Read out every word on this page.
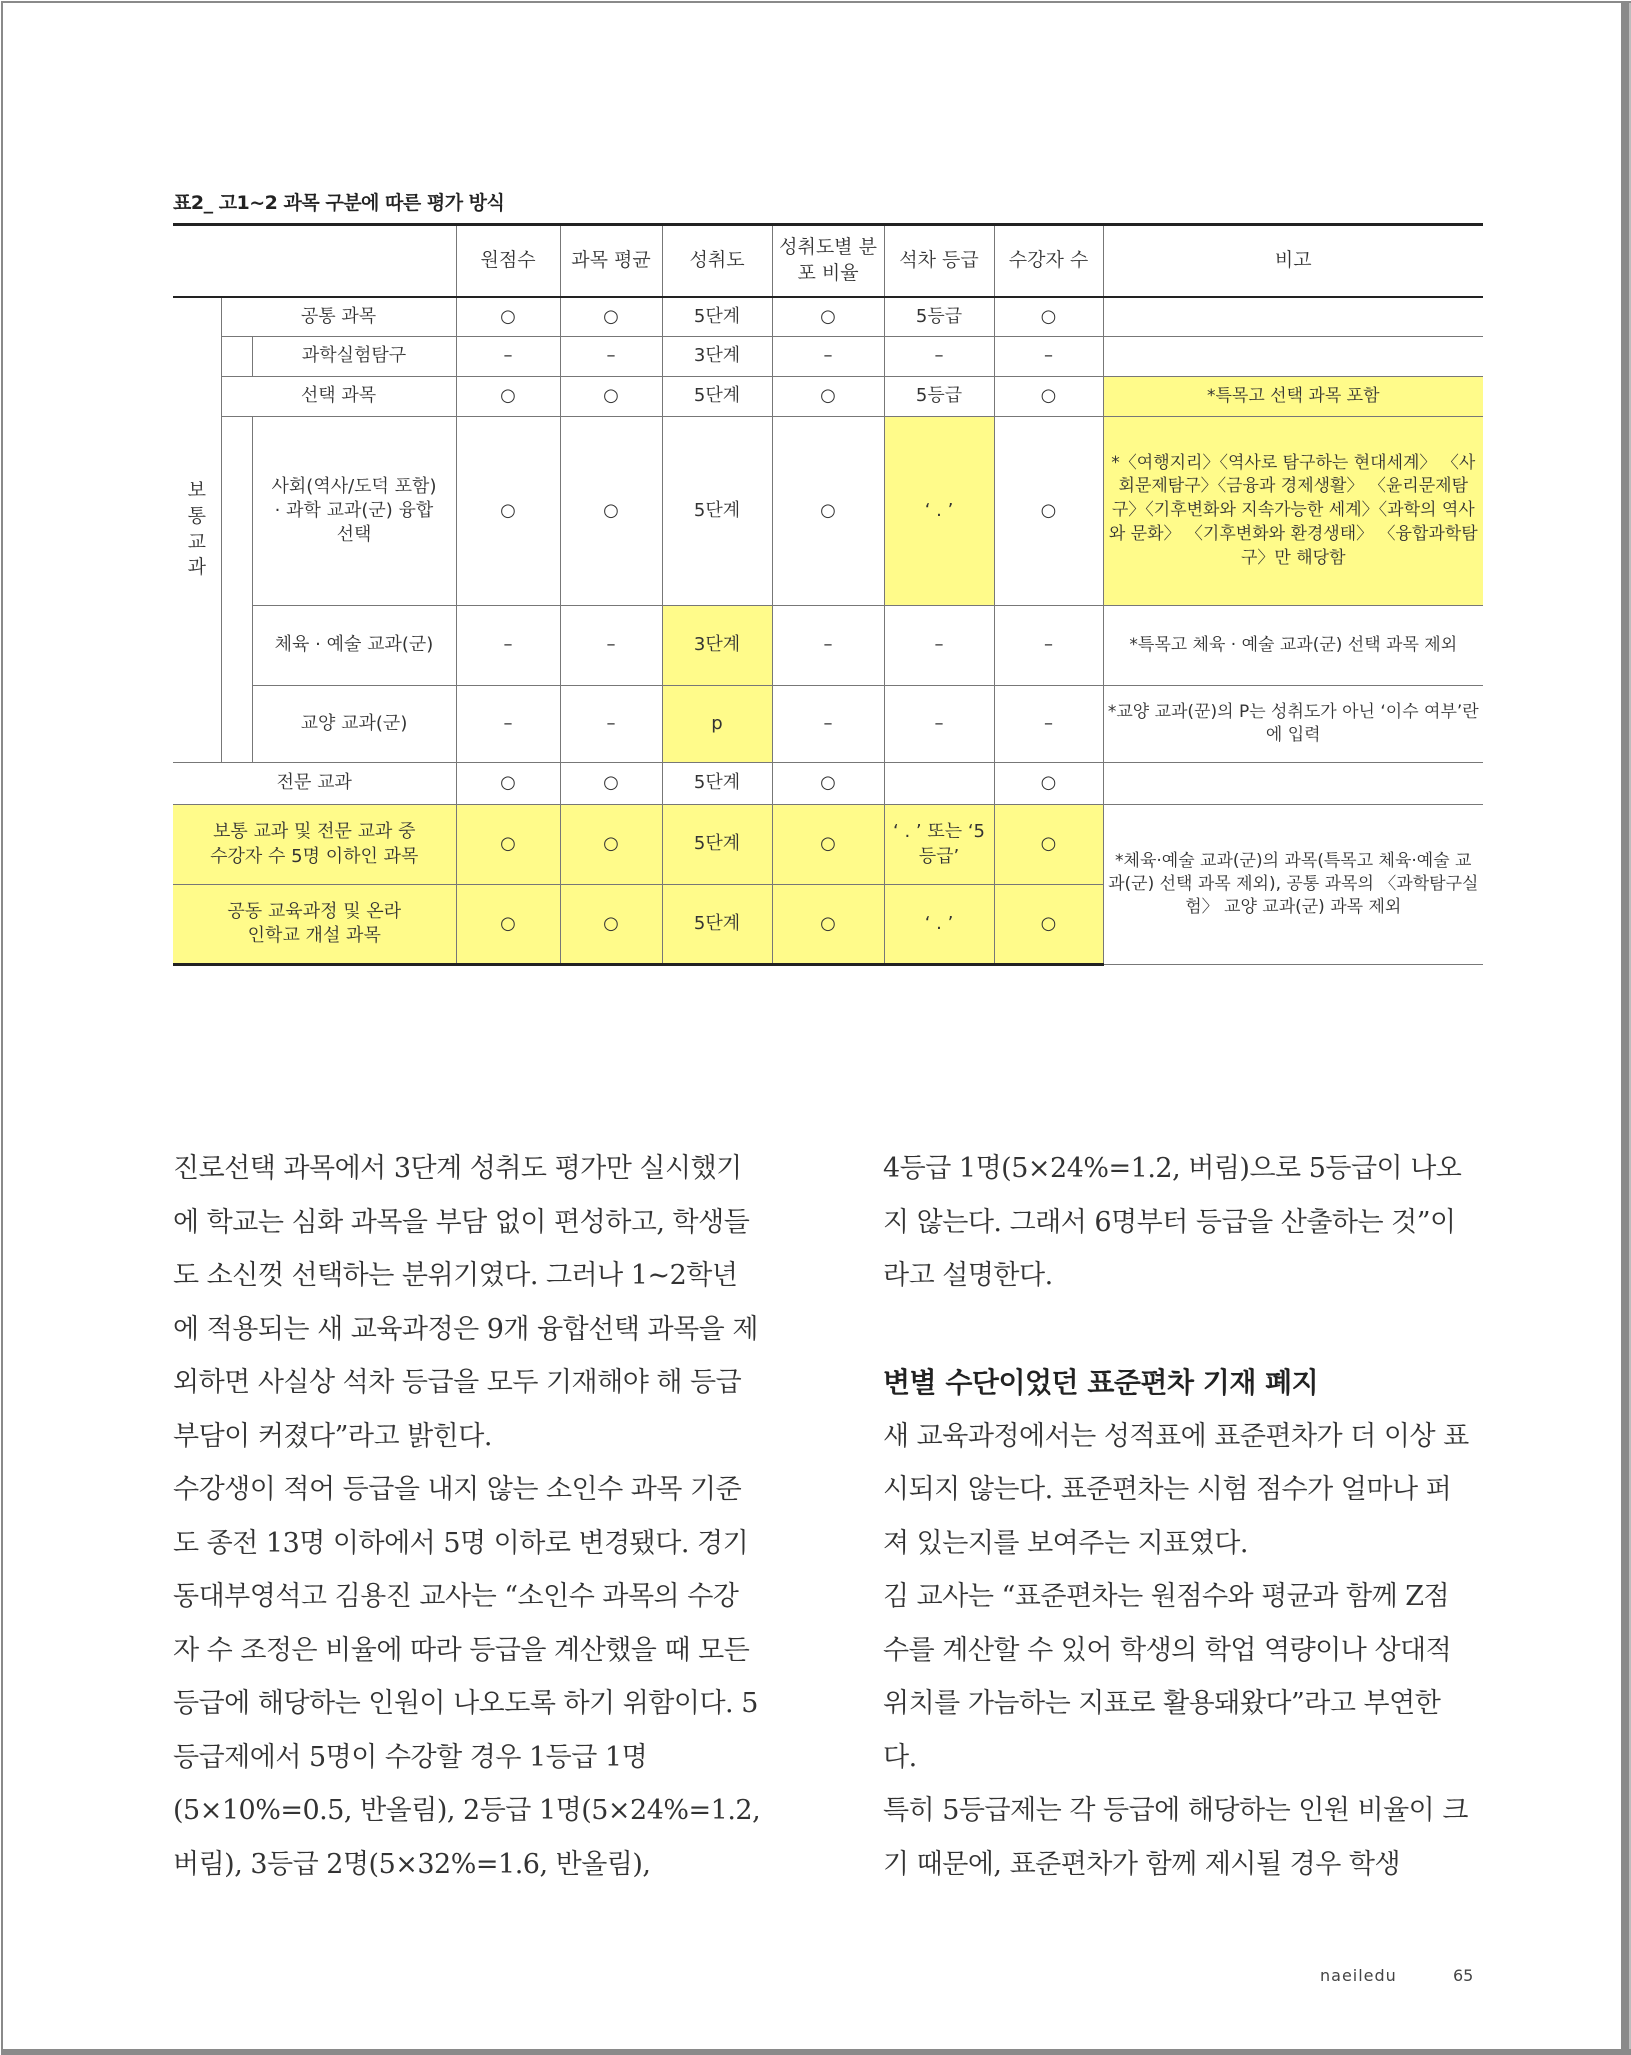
표2_ 고1~2 과목 구분에 따른 평가 방식
			원점수	과목 평균	성취도	성취도별 분포 비율	석차 등급	수강자 수	비고

보 통 교 과	공통 과목		○	○	5단계	○	5등급	○	
		과학실험탐구	–	–	3단계	–	–	–	
	선택 과목		○	○	5단계	○	5등급	○	*특목고 선택 과목 포함
		사회(역사/도덕 포함) · 과학 교과(군) 융합선택	○	○	5단계	○	‘ . ’	○	*〈여행지리〉〈역사로 탐구하는 현대세계〉 〈사회문제탐구〉〈금융과 경제생활〉 〈윤리문제탐구〉〈기후변화와 지속가능한 세계〉〈과학의 역사와 문화〉 〈기후변화와 환경생태〉 〈융합과학탐구〉만 해당함
		체육 · 예술 교과(군)	–	–	3단계	–	–	–	*특목고 체육 · 예술 교과(군) 선택 과목 제외
		교양 교과(군)	–	–	p	–	–	–	*교양 교과(꾼)의 P는 성취도가 아닌 ‘이수 여부’란에 입력
전문 교과			○	○	5단계	○		○	
보통 교과 및 전문 교과 중 수강자 수 5명 이하인 과목			○	○	5단계	○	‘ . ’ 또는 ‘5등급’	○	*체육·예술 교과(군)의 과목(특목고 체육·예술 교과(군) 선택 과목 제외), 공통 과목의 〈과학탐구실험〉 교양 교과(군) 과목 제외
공동 교육과정 및 온라인학교 개설 과목			○	○	5단계	○	‘ . ’	○	

진로선택 과목에서 3단계 성취도 평가만 실시했기에 학교는 심화 과목을 부담 없이 편성하고, 학생들도 소신껏 선택하는 분위기였다. 그러나 1~2학년에 적용되는 새 교육과정은 9개 융합선택 과목을 제외하면 사실상 석차 등급을 모두 기재해야 해 등급 부담이 커졌다”라고 밝힌다.

수강생이 적어 등급을 내지 않는 소인수 과목 기준도 종전 13명 이하에서 5명 이하로 변경됐다. 경기 동대부영석고 김용진 교사는 “소인수 과목의 수강자 수 조정은 비율에 따라 등급을 계산했을 때 모든 등급에 해당하는 인원이 나오도록 하기 위함이다. 5등급제에서 5명이 수강할 경우 1등급 1명(5×10%=0.5, 반올림), 2등급 1명(5×24%=1.2, 버림), 3등급 2명(5×32%=1.6, 반올림),

4등급 1명(5×24%=1.2, 버림)으로 5등급이 나오지 않는다. 그래서 6명부터 등급을 산출하는 것”이라고 설명한다.

변별 수단이었던 표준편차 기재 폐지

새 교육과정에서는 성적표에 표준편차가 더 이상 표시되지 않는다. 표준편차는 시험 점수가 얼마나 퍼져 있는지를 보여주는 지표였다.

김 교사는 “표준편차는 원점수와 평균과 함께 Z점수를 계산할 수 있어 학생의 학업 역량이나 상대적 위치를 가늠하는 지표로 활용돼왔다”라고 부연한다.

특히 5등급제는 각 등급에 해당하는 인원 비율이 크기 때문에, 표준편차가 함께 제시될 경우 학생

naeiledu	65
